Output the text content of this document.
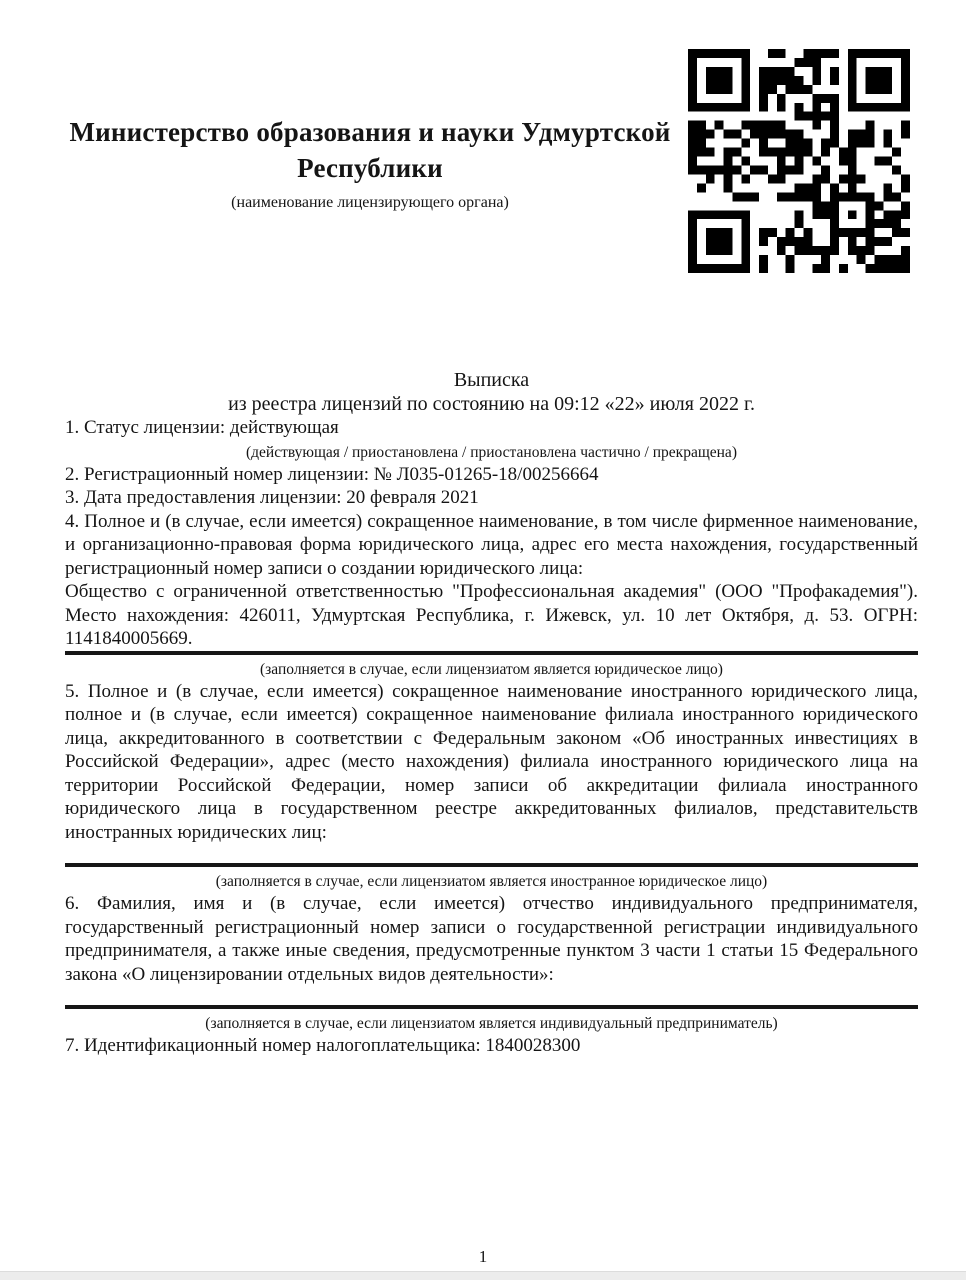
Министерство образования и науки Удмуртской
Республики
(наименование лицензирующего органа)
Выписка
из реестра лицензий по состоянию на 09:12 «22» июля 2022 г.

1. Статус лицензии: действующая

(действующая / приостановлена / приостановлена частично / прекращена)

2. Регистрационный номер лицензии: № Л035-01265-18/00256664

3. Дата предоставления лицензии: 20 февраля 2021

4. Полное и (в случае, если имеется) сокращенное наименование, в том числе фирменное наименование, и организационно-правовая форма юридического лица, адрес его места нахождения, государственный регистрационный номер записи о создании юридического лица:

Общество с ограниченной ответственностью "Профессиональная академия" (ООО "Профакадемия"). Место нахождения: 426011, Удмуртская Республика, г. Ижевск, ул. 10 лет Октября, д. 53. ОГРН: 1141840005669.

(заполняется в случае, если лицензиатом является юридическое лицо)

5. Полное и (в случае, если имеется) сокращенное наименование иностранного юридического лица, полное и (в случае, если имеется) сокращенное наименование филиала иностранного юридического лица, аккредитованного в соответствии с Федеральным законом «Об иностранных инвестициях в Российской Федерации», адрес (место нахождения) филиала иностранного юридического лица на территории Российской Федерации, номер записи об аккредитации филиала иностранного юридического лица в государственном реестре аккредитованных филиалов, представительств иностранных юридических лиц:

(заполняется в случае, если лицензиатом является иностранное юридическое лицо)

6. Фамилия, имя и (в случае, если имеется) отчество индивидуального предпринимателя, государственный регистрационный номер записи о государственной регистрации индивидуального предпринимателя, а также иные сведения, предусмотренные пунктом 3 части 1 статьи 15 Федерального закона «О лицензировании отдельных видов деятельности»:

(заполняется в случае, если лицензиатом является индивидуальный предприниматель)

7. Идентификационный номер налогоплательщика: 1840028300

1
